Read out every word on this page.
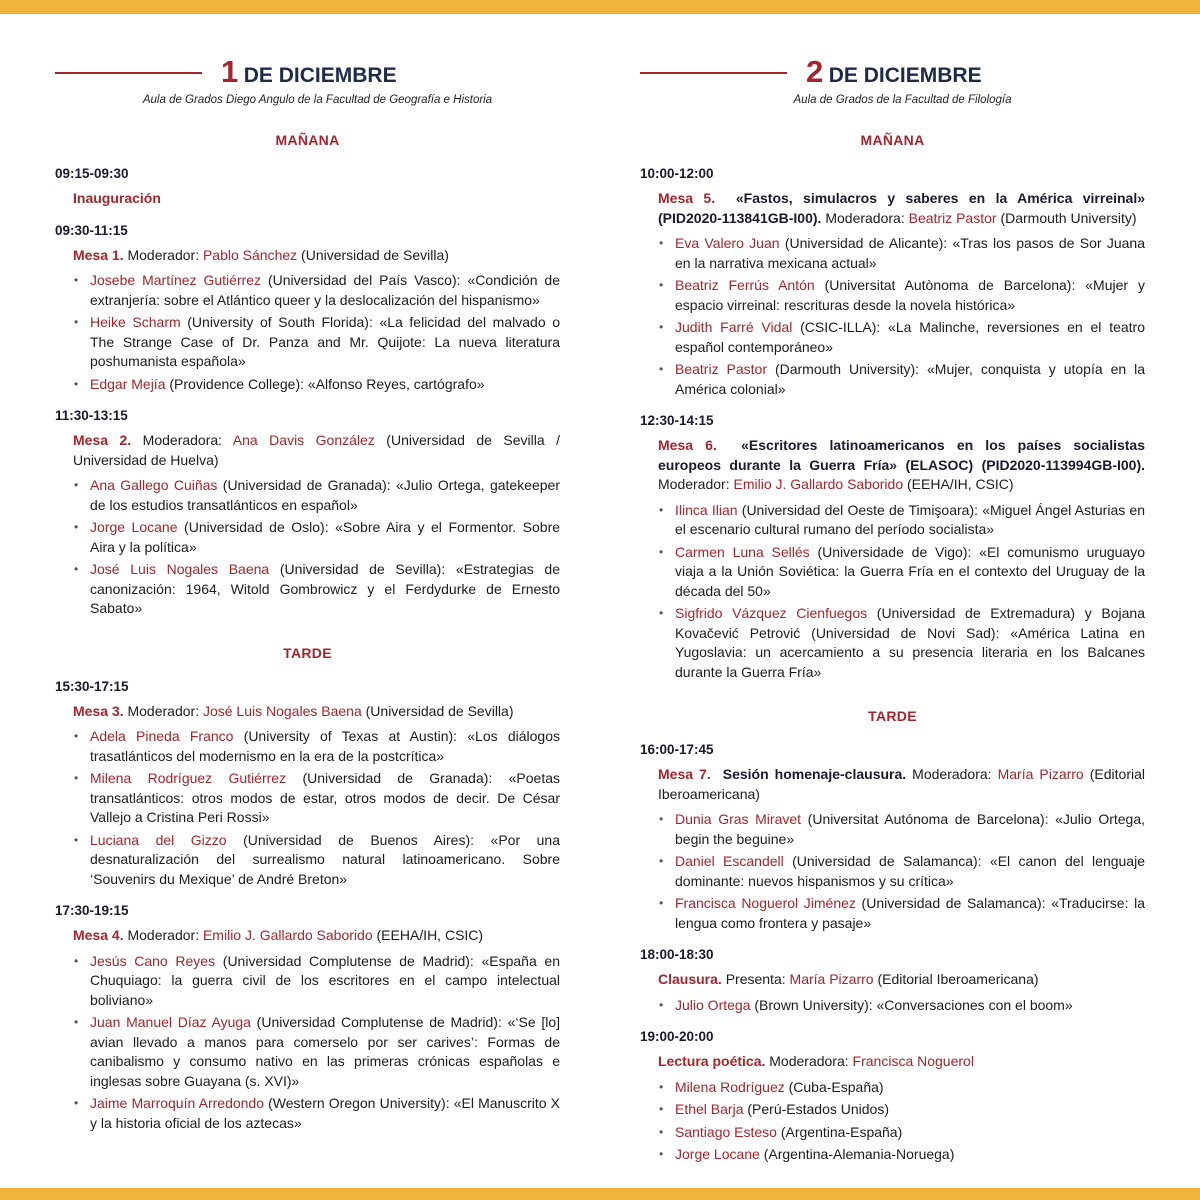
1 DE DICIEMBRE
Aula de Grados Diego Angulo de la Facultad de Geografía e Historia
MAÑANA
09:15-09:30
Inauguración
09:30-11:15
Mesa 1. Moderador: Pablo Sánchez (Universidad de Sevilla)
• Josebe Martínez Gutiérrez (Universidad del País Vasco): «Condición de extranjería: sobre el Atlántico queer y la deslocalización del hispanismo»
• Heike Scharm (University of South Florida): «La felicidad del malvado o The Strange Case of Dr. Panza and Mr. Quijote: La nueva literatura poshumanista española»
• Edgar Mejía (Providence College): «Alfonso Reyes, cartógrafo»
11:30-13:15
Mesa 2. Moderadora: Ana Davis González (Universidad de Sevilla / Universidad de Huelva)
• Ana Gallego Cuiñas (Universidad de Granada): «Julio Ortega, gatekeeper de los estudios transatlánticos en español»
• Jorge Locane (Universidad de Oslo): «Sobre Aira y el Formentor. Sobre Aira y la política»
• José Luis Nogales Baena (Universidad de Sevilla): «Estrategias de canonización: 1964, Witold Gombrowicz y el Ferdydurke de Ernesto Sabato»
TARDE
15:30-17:15
Mesa 3. Moderador: José Luis Nogales Baena (Universidad de Sevilla)
• Adela Pineda Franco (University of Texas at Austin): «Los diálogos trasatlánticos del modernismo en la era de la postcrítica»
• Milena Rodríguez Gutiérrez (Universidad de Granada): «Poetas transatlánticos: otros modos de estar, otros modos de decir. De César Vallejo a Cristina Peri Rossi»
• Luciana del Gizzo (Universidad de Buenos Aires): «Por una desnaturalización del surrealismo natural latinoamericano. Sobre ‘Souvenirs du Mexique’ de André Breton»
17:30-19:15
Mesa 4. Moderador: Emilio J. Gallardo Saborido (EEHA/IH, CSIC)
• Jesús Cano Reyes (Universidad Complutense de Madrid): «España en Chuquiago: la guerra civil de los escritores en el campo intelectual boliviano»
• Juan Manuel Díaz Ayuga (Universidad Complutense de Madrid): «‘Se [lo] avian llevado a manos para comerselo por ser carives’: Formas de canibalismo y consumo nativo en las primeras crónicas españolas e inglesas sobre Guayana (s. XVI)»
• Jaime Marroquín Arredondo (Western Oregon University): «El Manuscrito X y la historia oficial de los aztecas»
2 DE DICIEMBRE
Aula de Grados de la Facultad de Filología
MAÑANA
10:00-12:00
Mesa 5. «Fastos, simulacros y saberes en la América virreinal» (PID2020-113841GB-I00). Moderadora: Beatriz Pastor (Darmouth University)
• Eva Valero Juan (Universidad de Alicante): «Tras los pasos de Sor Juana en la narrativa mexicana actual»
• Beatriz Ferrús Antón (Universitat Autònoma de Barcelona): «Mujer y espacio virreinal: rescrituras desde la novela histórica»
• Judith Farré Vidal (CSIC-ILLA): «La Malinche, reversiones en el teatro español contemporáneo»
• Beatriz Pastor (Darmouth University): «Mujer, conquista y utopía en la América colonial»
12:30-14:15
Mesa 6. «Escritores latinoamericanos en los países socialistas europeos durante la Guerra Fría» (ELASOC) (PID2020-113994GB-I00). Moderador: Emilio J. Gallardo Saborido (EEHA/IH, CSIC)
• Ilinca Ilian (Universidad del Oeste de Timişoara): «Miguel Ángel Asturias en el escenario cultural rumano del período socialista»
• Carmen Luna Sellés (Universidade de Vigo): «El comunismo uruguayo viaja a la Unión Soviética: la Guerra Fría en el contexto del Uruguay de la década del 50»
• Sigfrido Vázquez Cienfuegos (Universidad de Extremadura) y Bojana Kovačević Petrović (Universidad de Novi Sad): «América Latina en Yugoslavia: un acercamiento a su presencia literaria en los Balcanes durante la Guerra Fría»
TARDE
16:00-17:45
Mesa 7. Sesión homenaje-clausura. Moderadora: María Pizarro (Editorial Iberoamericana)
• Dunia Gras Miravet (Universitat Autónoma de Barcelona): «Julio Ortega, begin the beguine»
• Daniel Escandell (Universidad de Salamanca): «El canon del lenguaje dominante: nuevos hispanismos y su crítica»
• Francisca Noguerol Jiménez (Universidad de Salamanca): «Traducirse: la lengua como frontera y pasaje»
18:00-18:30
Clausura. Presenta: María Pizarro (Editorial Iberoamericana)
• Julio Ortega (Brown University): «Conversaciones con el boom»
19:00-20:00
Lectura poética. Moderadora: Francisca Noguerol
• Milena Rodríguez (Cuba-España)
• Ethel Barja (Perú-Estados Unidos)
• Santiago Esteso (Argentina-España)
• Jorge Locane (Argentina-Alemania-Noruega)
